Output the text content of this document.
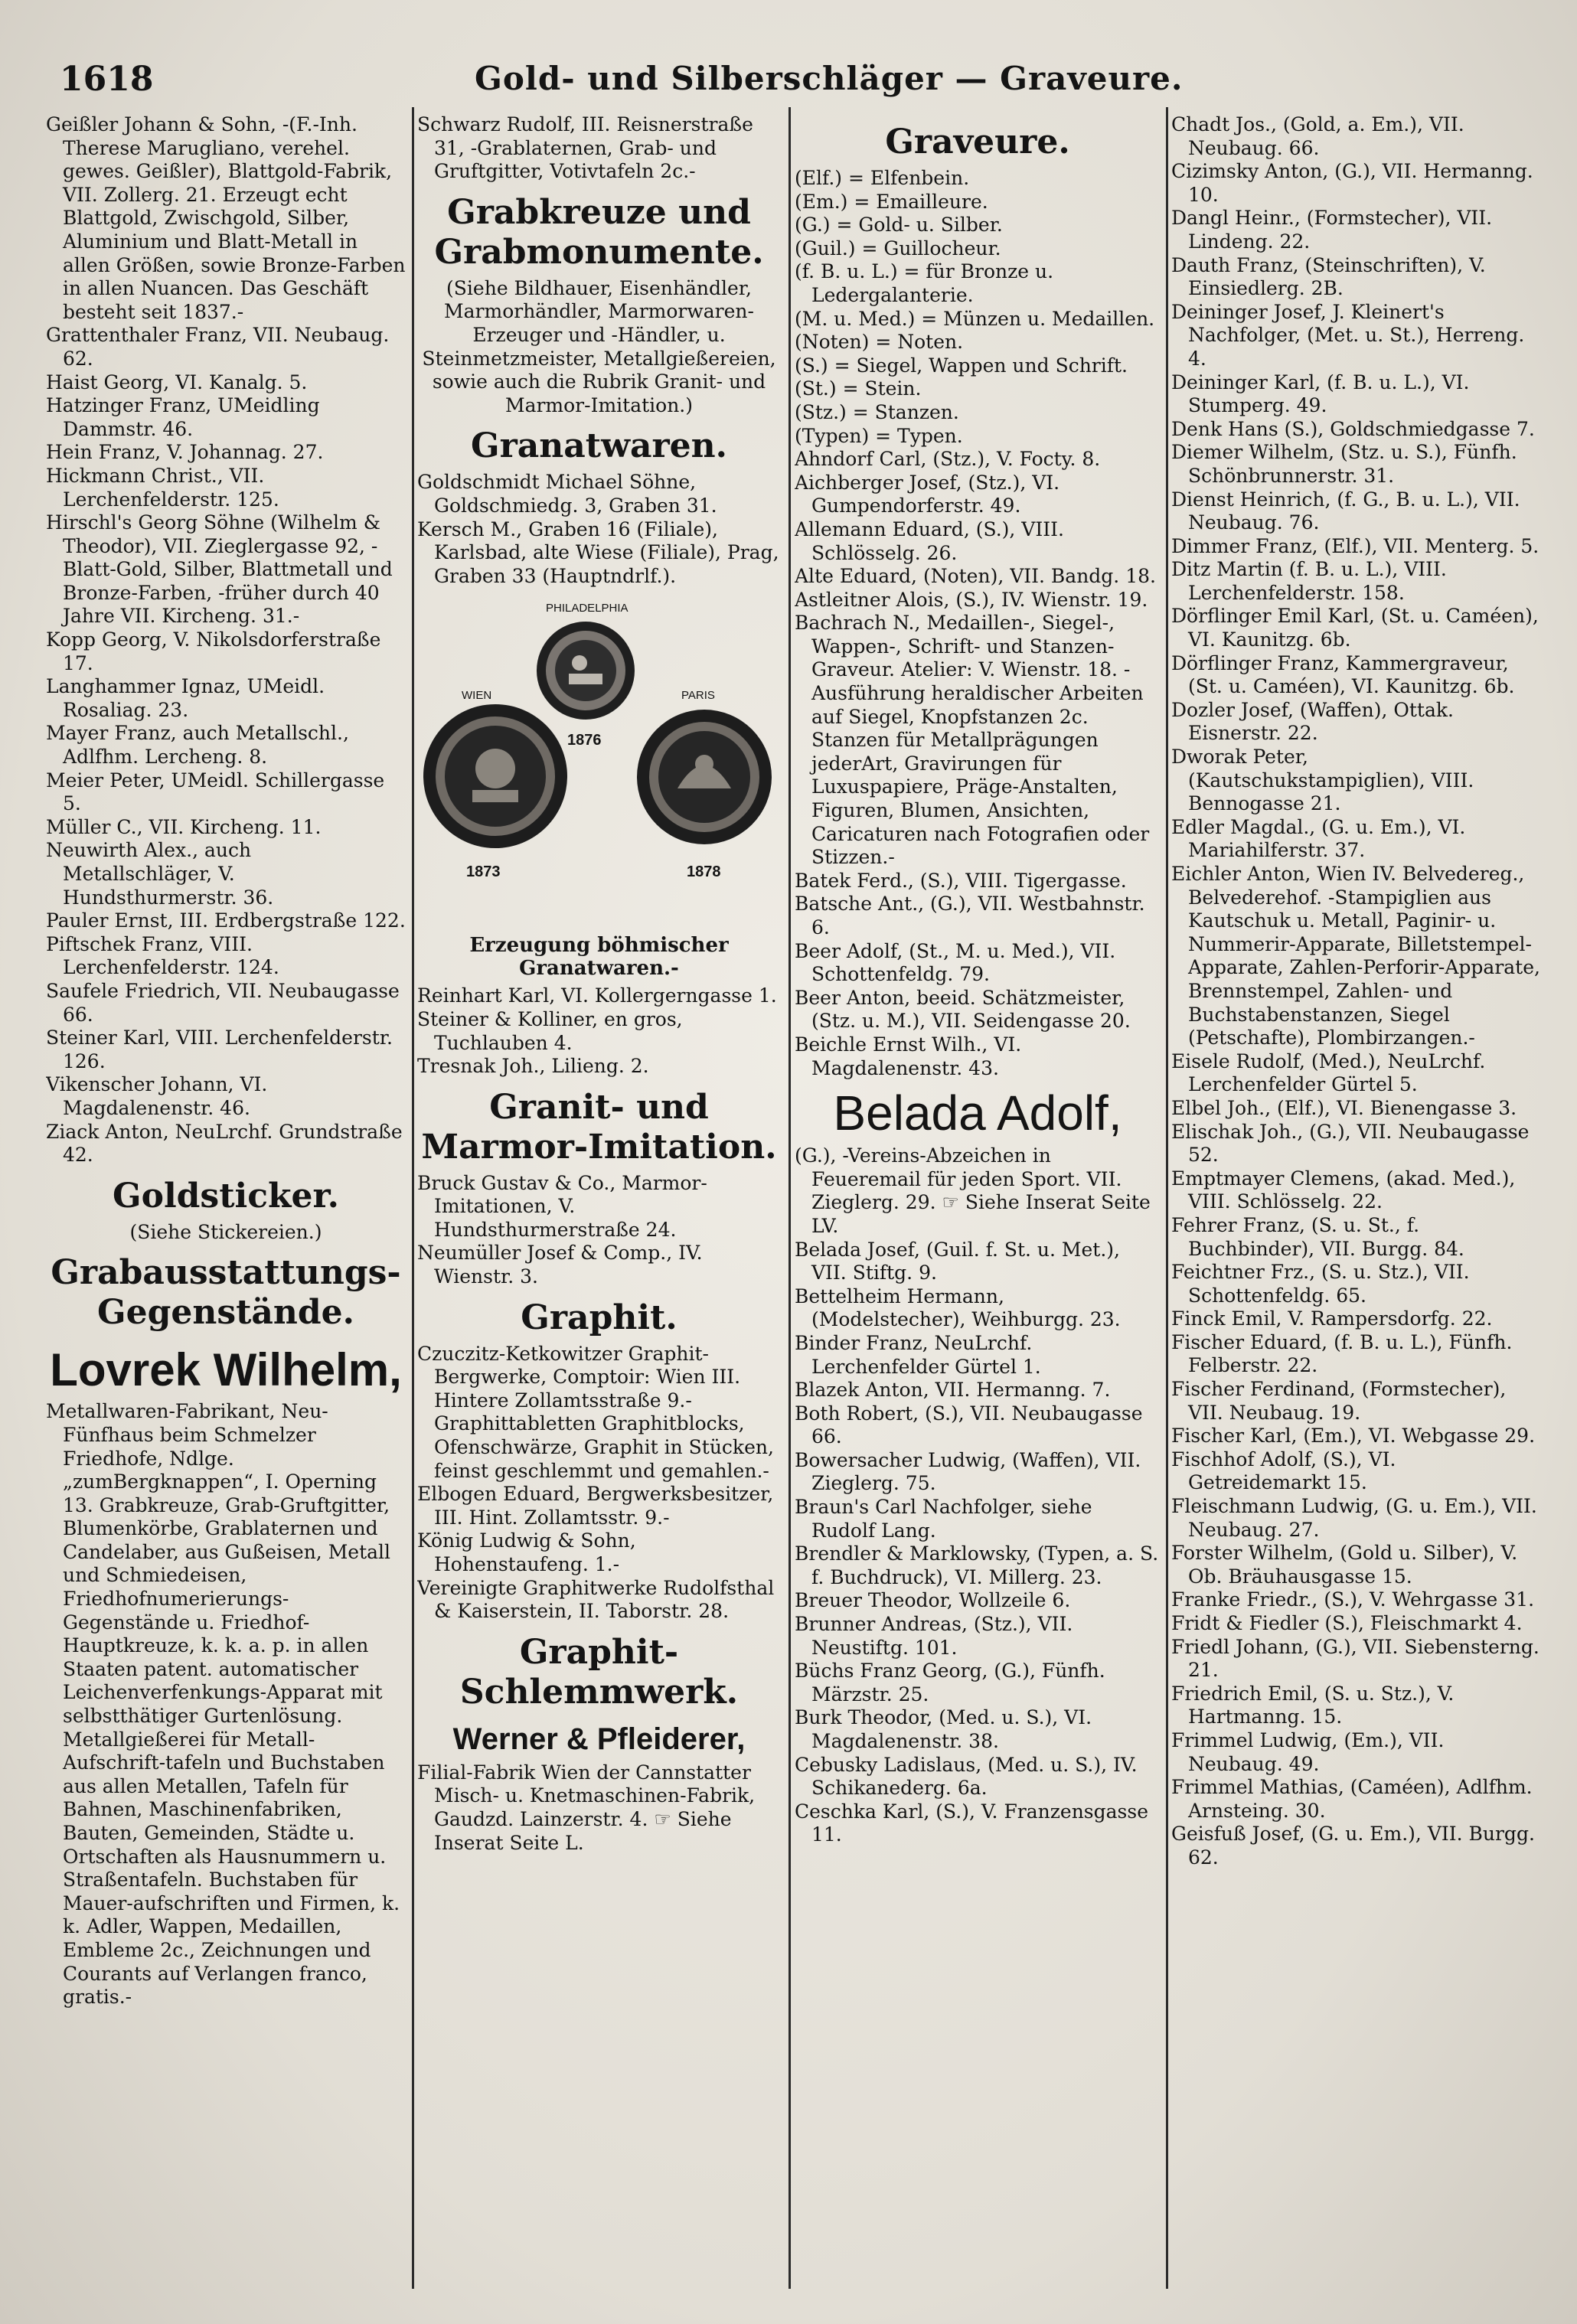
1618	Gold- und Silberschläger — Graveure.

Geißler Johann & Sohn, -(F.-Inh. Therese Marugliano, verehel. gewes. Geißler), Blattgold-Fabrik, VII. Zollerg. 21. Erzeugt echt Blattgold, Zwischgold, Silber, Aluminium und Blatt-Metall in allen Größen, sowie Bronze-Farben in allen Nuancen. Das Geschäft besteht seit 1837.-

Grattenthaler Franz, VII. Neubaug. 62.

Haist Georg, VI. Kanalg. 5.

Hatzinger Franz, UMeidling Dammstr. 46.

Hein Franz, V. Johannag. 27.

Hickmann Christ., VII. Lerchenfelderstr. 125.

Hirschl's Georg Söhne (Wilhelm & Theodor), VII. Zieglergasse 92, -Blatt-Gold, Silber, Blattmetall und Bronze-Farben, -früher durch 40 Jahre VII. Kircheng. 31.-

Kopp Georg, V. Nikolsdorferstraße 17.

Langhammer Ignaz, UMeidl. Rosaliag. 23.

Mayer Franz, auch Metallschl., Adlfhm. Lercheng. 8.

Meier Peter, UMeidl. Schillergasse 5.

Müller C., VII. Kircheng. 11.

Neuwirth Alex., auch Metallschläger, V. Hundsthurmerstr. 36.

Pauler Ernst, III. Erdbergstraße 122.

Piftschek Franz, VIII. Lerchenfelderstr. 124.

Saufele Friedrich, VII. Neubaugasse 66.

Steiner Karl, VIII. Lerchenfelderstr. 126.

Vikenscher Johann, VI. Magdalenenstr. 46.

Ziack Anton, NeuLrchf. Grundstraße 42.

Goldsticker.
(Siehe Stickereien.)
Grabausstattungs-Gegenstände.
Lovrek Wilhelm,

Metallwaren-Fabrikant, Neu-Fünfhaus beim Schmelzer Friedhofe, Ndlge. „zumBergknappen“, I. Operning 13. Grabkreuze, Grab-Gruftgitter, Blumenkörbe, Grablaternen und Candelaber, aus Gußeisen, Metall und Schmiedeisen, Friedhofnumerierungs-Gegenstände u. Friedhof-Hauptkreuze, k. k. a. p. in allen Staaten patent. automatischer Leichenverfenkungs-Apparat mit selbstthätiger Gurtenlösung. Metallgießerei für Metall-Aufschrift-tafeln und Buchstaben aus allen Metallen, Tafeln für Bahnen, Maschinenfabriken, Bauten, Gemeinden, Städte u. Ortschaften als Hausnummern u. Straßentafeln. Buchstaben für Mauer-aufschriften und Firmen, k. k. Adler, Wappen, Medaillen, Embleme 2c., Zeichnungen und Courants auf Verlangen franco, gratis.-

Schwarz Rudolf, III. Reisnerstraße 31, -Grablaternen, Grab- und Gruftgitter, Votivtafeln 2c.-

Grabkreuze und Grabmonumente.
(Siehe Bildhauer, Eisenhändler, Marmorhändler, Marmorwaren-Erzeuger und -Händler, u. Steinmetzmeister, Metallgießereien, sowie auch die Rubrik Granit- und Marmor-Imitation.)
Granatwaren.

Goldschmidt Michael Söhne, Goldschmiedg. 3, Graben 31.

Kersch M., Graben 16 (Filiale), Karlsbad, alte Wiese (Filiale), Prag, Graben 33 (Hauptndrlf.).

PHILADELPHIA
1876
WIEN
1873
PARIS
1878
Erzeugung böhmischer Granatwaren.-

Reinhart Karl, VI. Kollergerngasse 1.

Steiner & Kolliner, en gros, Tuchlauben 4.

Tresnak Joh., Lilieng. 2.

Granit- und Marmor-Imitation.

Bruck Gustav & Co., Marmor-Imitationen, V. Hundsthurmerstraße 24.

Neumüller Josef & Comp., IV. Wienstr. 3.

Graphit.

Czuczitz-Ketkowitzer Graphit-Bergwerke, Comptoir: Wien III. Hintere Zollamtsstraße 9.-Graphittabletten Graphitblocks, Ofenschwärze, Graphit in Stücken, feinst geschlemmt und gemahlen.-

Elbogen Eduard, Bergwerksbesitzer, III. Hint. Zollamtsstr. 9.-

König Ludwig & Sohn, Hohenstaufeng. 1.-

Vereinigte Graphitwerke Rudolfsthal & Kaiserstein, II. Taborstr. 28.

Graphit-Schlemmwerk.
Werner & Pfleiderer,

Filial-Fabrik Wien der Cannstatter Misch- u. Knetmaschinen-Fabrik, Gaudzd. Lainzerstr. 4. ☞ Siehe Inserat Seite L.

Graveure.

(Elf.) = Elfenbein.

(Em.) = Emailleure.

(G.) = Gold- u. Silber.

(Guil.) = Guillocheur.

(f. B. u. L.) = für Bronze u. Ledergalanterie.

(M. u. Med.) = Münzen u. Medaillen.

(Noten) = Noten.

(S.) = Siegel, Wappen und Schrift.

(St.) = Stein.

(Stz.) = Stanzen.

(Typen) = Typen.

Ahndorf Carl, (Stz.), V. Focty. 8.

Aichberger Josef, (Stz.), VI. Gumpendorferstr. 49.

Allemann Eduard, (S.), VIII. Schlösselg. 26.

Alte Eduard, (Noten), VII. Bandg. 18.

Astleitner Alois, (S.), IV. Wienstr. 19.

Bachrach N., Medaillen-, Siegel-, Wappen-, Schrift- und Stanzen-Graveur. Atelier: V. Wienstr. 18. -Ausführung heraldischer Arbeiten auf Siegel, Knopfstanzen 2c. Stanzen für Metallprägungen jederArt, Gravirungen für Luxuspapiere, Präge-Anstalten, Figuren, Blumen, Ansichten, Caricaturen nach Fotografien oder Stizzen.-

Batek Ferd., (S.), VIII. Tigergasse.

Batsche Ant., (G.), VII. Westbahnstr. 6.

Beer Adolf, (St., M. u. Med.), VII. Schottenfeldg. 79.

Beer Anton, beeid. Schätzmeister, (Stz. u. M.), VII. Seidengasse 20.

Beichle Ernst Wilh., VI. Magdalenenstr. 43.

Belada Adolf,

(G.), -Vereins-Abzeichen in Feueremail für jeden Sport. VII. Zieglerg. 29. ☞ Siehe Inserat Seite LV.

Belada Josef, (Guil. f. St. u. Met.), VII. Stiftg. 9.

Bettelheim Hermann, (Modelstecher), Weihburgg. 23.

Binder Franz, NeuLrchf. Lerchenfelder Gürtel 1.

Blazek Anton, VII. Hermanng. 7.

Both Robert, (S.), VII. Neubaugasse 66.

Bowersacher Ludwig, (Waffen), VII. Zieglerg. 75.

Braun's Carl Nachfolger, siehe Rudolf Lang.

Brendler & Marklowsky, (Typen, a. S. f. Buchdruck), VI. Millerg. 23.

Breuer Theodor, Wollzeile 6.

Brunner Andreas, (Stz.), VII. Neustiftg. 101.

Büchs Franz Georg, (G.), Fünfh. Märzstr. 25.

Burk Theodor, (Med. u. S.), VI. Magdalenenstr. 38.

Cebusky Ladislaus, (Med. u. S.), IV. Schikanederg. 6a.

Ceschka Karl, (S.), V. Franzensgasse 11.

Chadt Jos., (Gold, a. Em.), VII. Neubaug. 66.

Cizimsky Anton, (G.), VII. Hermanng. 10.

Dangl Heinr., (Formstecher), VII. Lindeng. 22.

Dauth Franz, (Steinschriften), V. Einsiedlerg. 2B.

Deininger Josef, J. Kleinert's Nachfolger, (Met. u. St.), Herreng. 4.

Deininger Karl, (f. B. u. L.), VI. Stumperg. 49.

Denk Hans (S.), Goldschmiedgasse 7.

Diemer Wilhelm, (Stz. u. S.), Fünfh. Schönbrunnerstr. 31.

Dienst Heinrich, (f. G., B. u. L.), VII. Neubaug. 76.

Dimmer Franz, (Elf.), VII. Menterg. 5.

Ditz Martin (f. B. u. L.), VIII. Lerchenfelderstr. 158.

Dörflinger Emil Karl, (St. u. Caméen), VI. Kaunitzg. 6b.

Dörflinger Franz, Kammergraveur, (St. u. Caméen), VI. Kaunitzg. 6b.

Dozler Josef, (Waffen), Ottak. Eisnerstr. 22.

Dworak Peter, (Kautschukstampiglien), VIII. Bennogasse 21.

Edler Magdal., (G. u. Em.), VI. Mariahilferstr. 37.

Eichler Anton, Wien IV. Belvedereg., Belvederehof. -Stampiglien aus Kautschuk u. Metall, Paginir- u. Nummerir-Apparate, Billetstempel-Apparate, Zahlen-Perforir-Apparate, Brennstempel, Zahlen- und Buchstabenstanzen, Siegel (Petschafte), Plombirzangen.-

Eisele Rudolf, (Med.), NeuLrchf. Lerchenfelder Gürtel 5.

Elbel Joh., (Elf.), VI. Bienengasse 3.

Elischak Joh., (G.), VII. Neubaugasse 52.

Emptmayer Clemens, (akad. Med.), VIII. Schlösselg. 22.

Fehrer Franz, (S. u. St., f. Buchbinder), VII. Burgg. 84.

Feichtner Frz., (S. u. Stz.), VII. Schottenfeldg. 65.

Finck Emil, V. Rampersdorfg. 22.

Fischer Eduard, (f. B. u. L.), Fünfh. Felberstr. 22.

Fischer Ferdinand, (Formstecher), VII. Neubaug. 19.

Fischer Karl, (Em.), VI. Webgasse 29.

Fischhof Adolf, (S.), VI. Getreidemarkt 15.

Fleischmann Ludwig, (G. u. Em.), VII. Neubaug. 27.

Forster Wilhelm, (Gold u. Silber), V. Ob. Bräuhausgasse 15.

Franke Friedr., (S.), V. Wehrgasse 31.

Fridt & Fiedler (S.), Fleischmarkt 4.

Friedl Johann, (G.), VII. Siebensterng. 21.

Friedrich Emil, (S. u. Stz.), V. Hartmanng. 15.

Frimmel Ludwig, (Em.), VII. Neubaug. 49.

Frimmel Mathias, (Caméen), Adlfhm. Arnsteing. 30.

Geisfuß Josef, (G. u. Em.), VII. Burgg. 62.
